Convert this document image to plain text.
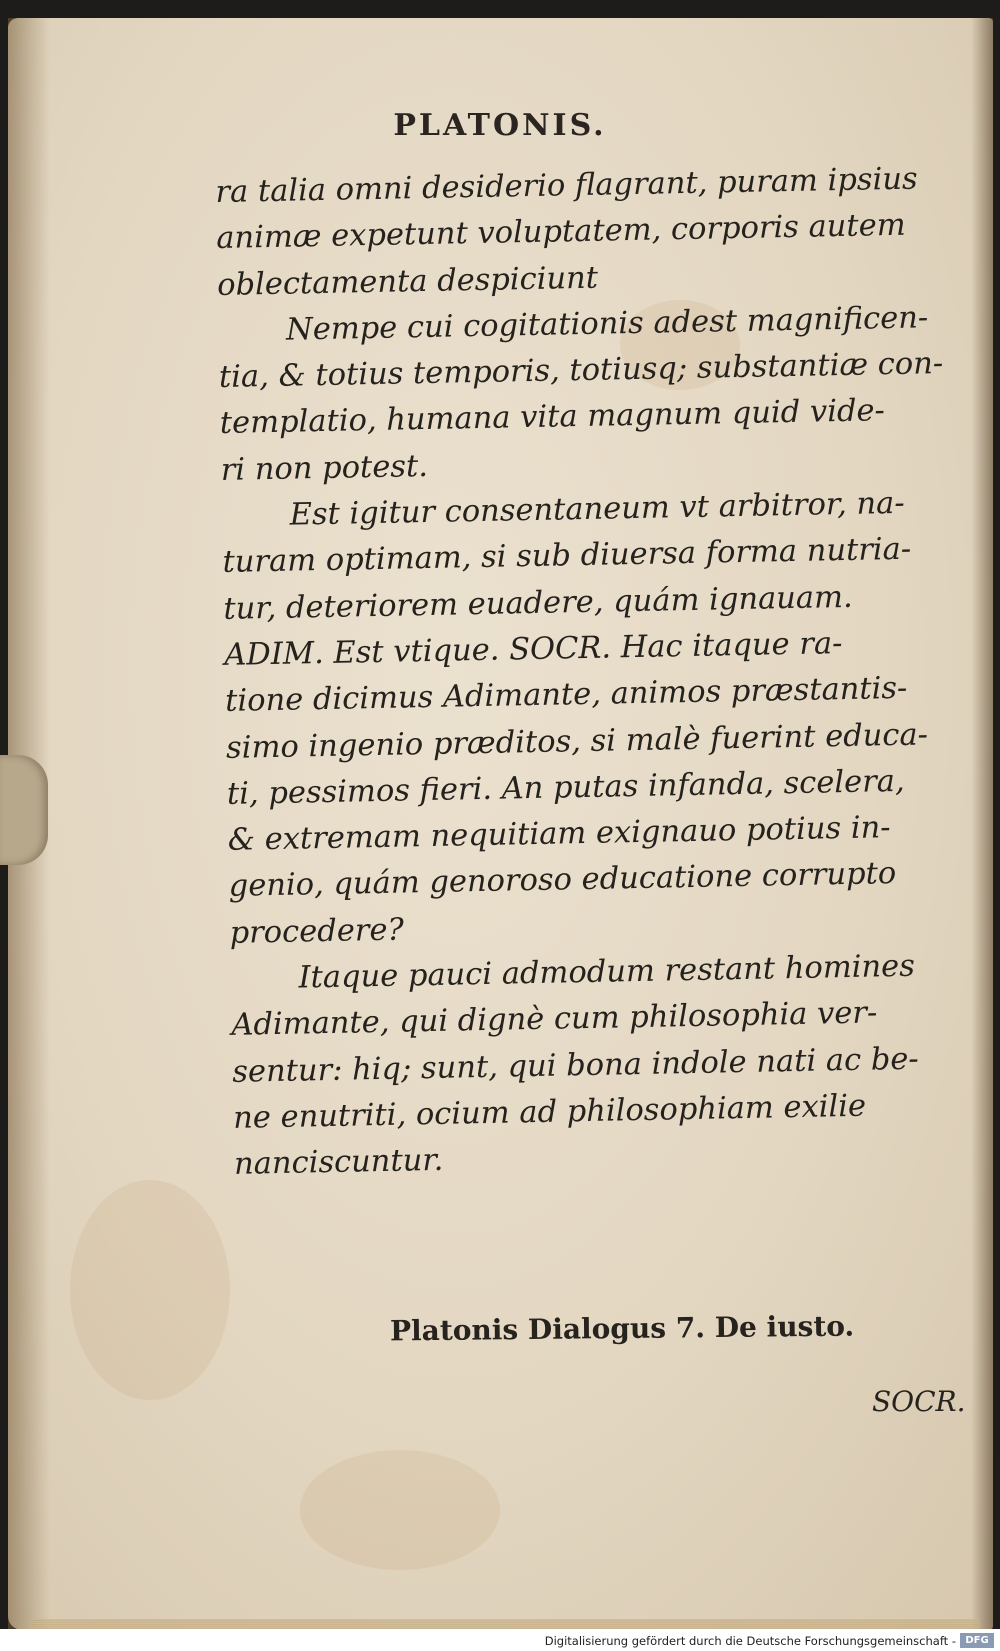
PLATONIS.
ra talia omni desiderio flagrant, puram ipsius
animæ expetunt voluptatem, corporis autem
oblectamenta despiciunt
Nempe cui cogitationis adest magnificen-
tia, & totius temporis, totiusq; substantiæ con-
templatio, humana vita magnum quid vide-
ri non potest.
Est igitur consentaneum vt arbitror, na-
turam optimam, si sub diuersa forma nutria-
tur, deteriorem euadere, quám ignauam.
ADIM. Est vtique. SOCR. Hac itaque ra-
tione dicimus Adimante, animos præstantis-
simo ingenio præditos, si malè fuerint educa-
ti, pessimos fieri. An putas infanda, scelera,
& extremam nequitiam exignauo potius in-
genio, quám genoroso educatione corrupto
procedere?
Itaque pauci admodum restant homines
Adimante, qui dignè cum philosophia ver-
sentur: hiq; sunt, qui bona indole nati ac be-
ne enutriti, ocium ad philosophiam exilie
nanciscuntur.
Platonis Dialogus 7. De iusto.
SOCR.
Digitalisierung gefördert durch die Deutsche Forschungsgemeinschaft - DFG
